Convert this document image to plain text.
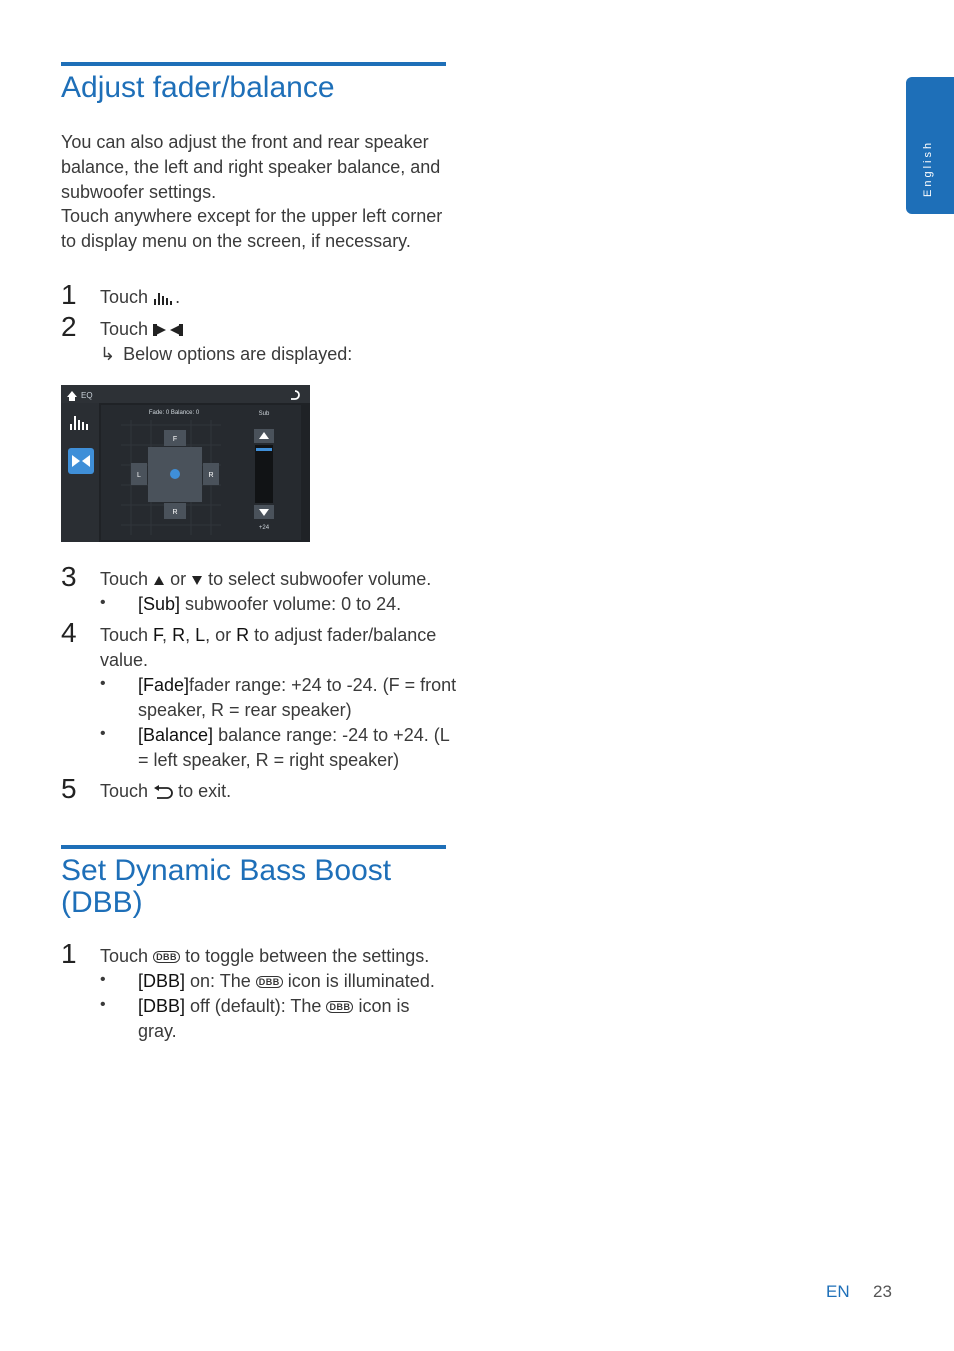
English
Adjust fader/balance
You can also adjust the front and rear speaker balance, the left and right speaker balance, and subwoofer settings.
Touch anywhere except for the upper left corner to display menu on the screen, if necessary.
1 Touch .
2 Touch
↳ Below options are displayed:
EQ
Fade: 0 Balance: 0	Sub
F
R
L	R
+24
3 Touch or to select subwoofer volume.
• [Sub] subwoofer volume: 0 to 24.
4 Touch F, R, L, or R to adjust fader/balance value.
• [Fade]fader range: +24 to -24. (F = front speaker, R = rear speaker)
• [Balance] balance range: -24 to +24. (L = left speaker, R = right speaker)
5 Touch to exit.
Set Dynamic Bass Boost (DBB)
1 Touch DBB to toggle between the settings.
• [DBB] on: The DBB icon is illuminated.
• [DBB] off (default): The DBB icon is gray.
EN 23
